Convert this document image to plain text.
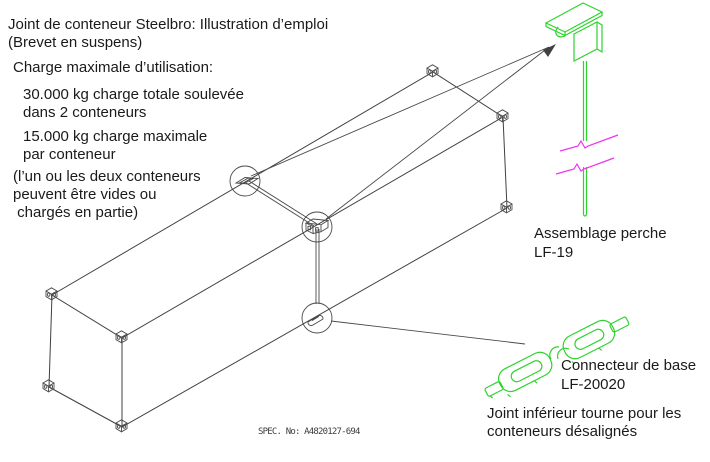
Joint de conteneur Steelbro: Illustration d’emploi
(Brevet en suspens)
Charge maximale d’utilisation:
30.000 kg charge totale soulevée
dans 2 conteneurs
15.000 kg charge maximale
par conteneur
(l’un ou les deux conteneurs
peuvent être vides ou
chargés en partie)
Assemblage perche
LF-19
Connecteur de base
LF-20020
Joint inférieur tourne pour les
conteneurs désalignés
SPEC. No: A4820127-694
